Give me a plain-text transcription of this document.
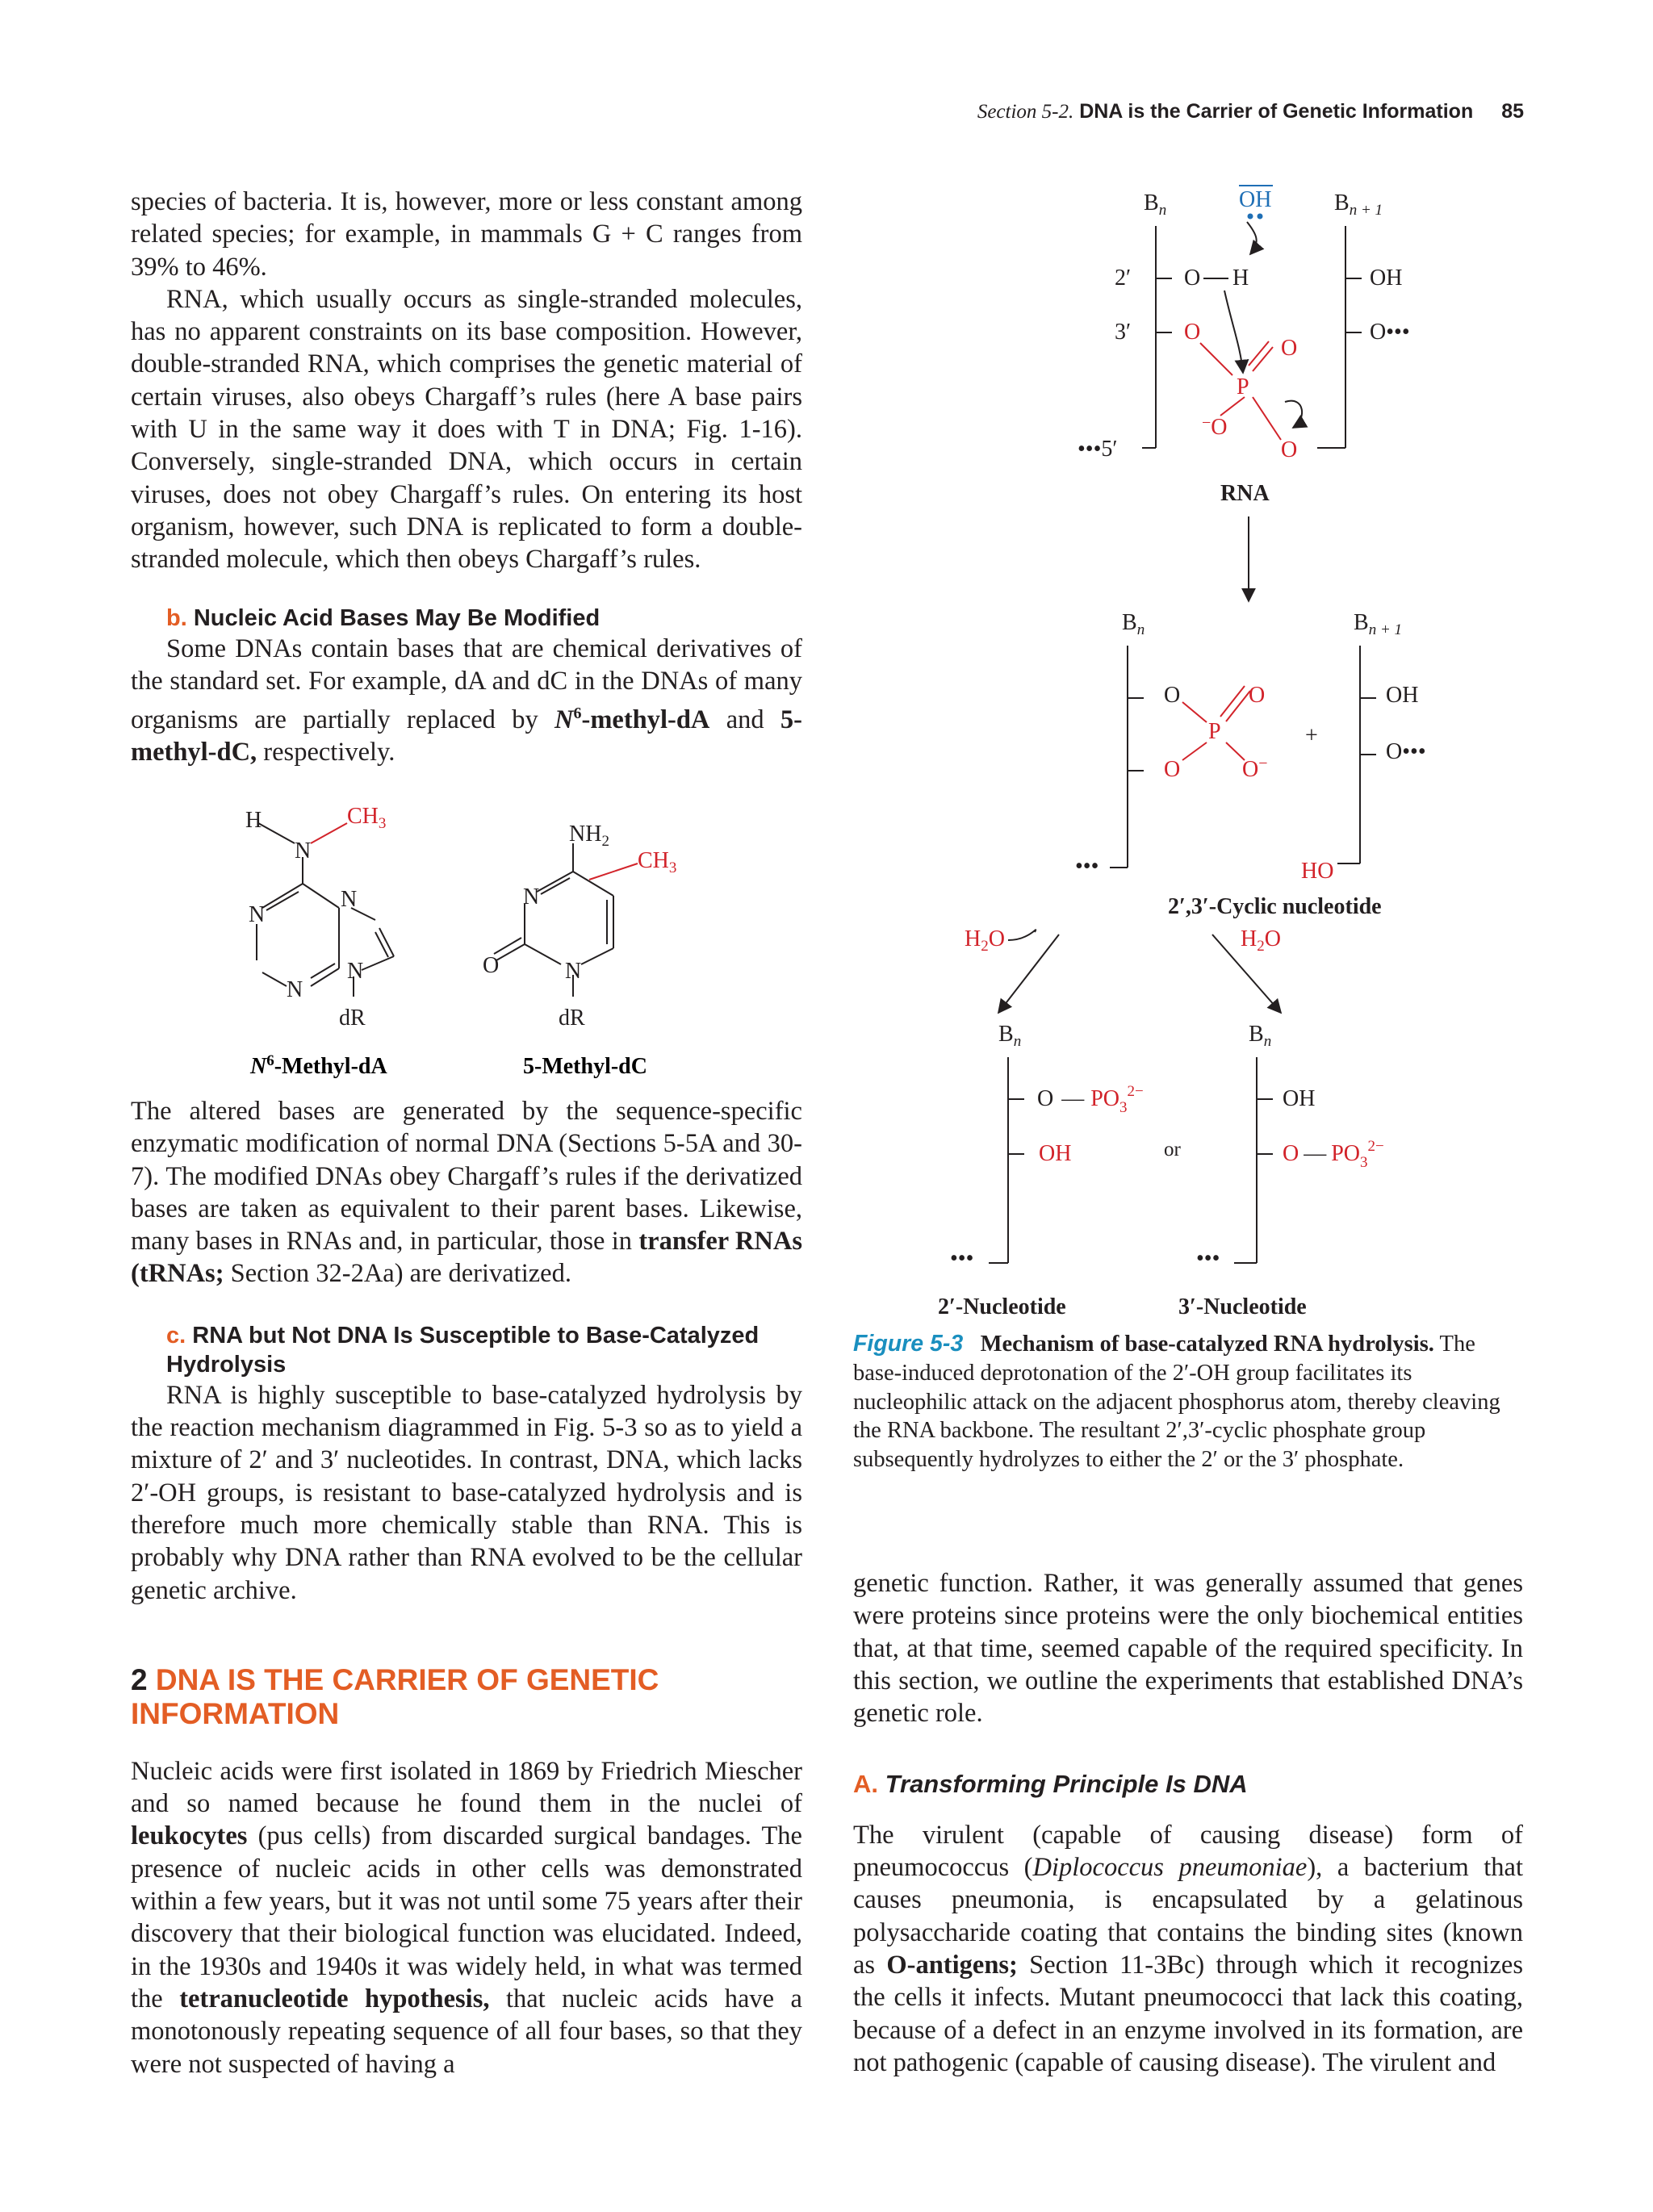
Section 5-2. DNA is the Carrier of Genetic Information 85

species of bacteria. It is, however, more or less constant among related species; for example, in mammals G + C ranges from 39% to 46%.

RNA, which usually occurs as single-stranded molecules, has no apparent constraints on its base composition. However, double-stranded RNA, which comprises the genetic material of certain viruses, also obeys Chargaff’s rules (here A base pairs with U in the same way it does with T in DNA; Fig. 1-16). Conversely, single-stranded DNA, which occurs in certain viruses, does not obey Chargaff’s rules. On entering its host organism, however, such DNA is replicated to form a double-stranded molecule, which then obeys Chargaff’s rules.

b. Nucleic Acid Bases May Be Modified

Some DNAs contain bases that are chemical derivatives of the standard set. For example, dA and dC in the DNAs of many organisms are partially replaced by $N^6-methyl-dA$ and 5-methyl-dC, respectively.

H	$CH_3$
N
N
N
N
N
dR
$NH_2$
$CH_3$
N
O	N
dR
$N^6-Methyl-dA$	5-Methyl-dC

The altered bases are generated by the sequence-specific enzymatic modification of normal DNA (Sections 5-5A and 30-7). The modified DNAs obey Chargaff’s rules if the derivatized bases are taken as equivalent to their parent bases. Likewise, many bases in RNAs and, in particular, those in transfer RNAs (tRNAs; Section 32-2Aa) are derivatized.

c. RNA but Not DNA Is Susceptible to Base-Catalyzed Hydrolysis

RNA is highly susceptible to base-catalyzed hydrolysis by the reaction mechanism diagrammed in Fig. 5-3 so as to yield a mixture of 2′ and 3′ nucleotides. In contrast, DNA, which lacks 2′-OH groups, is resistant to base-catalyzed hydrolysis and is therefore much more chemically stable than RNA. This is probably why DNA rather than RNA evolved to be the cellular genetic archive.

2 DNA IS THE CARRIER OF GENETIC INFORMATION

Nucleic acids were first isolated in 1869 by Friedrich Miescher and so named because he found them in the nuclei of leukocytes (pus cells) from discarded surgical bandages. The presence of nucleic acids in other cells was demonstrated within a few years, but it was not until some 75 years after their discovery that their biological function was elucidated. Indeed, in the 1930s and 1940s it was widely held, in what was termed the tetranucleotide hypothesis, that nucleic acids have a monotonously repeating sequence of all four bases, so that they were not suspected of having a

$B_n$	OH	$B_{n + 1}$
2′
3′
•••5′
O H
O
O
P
−O
O
OH
O•••
RNA
$B_n$	$B_{n + 1}$
O	O
P
O	O−
+
OH
O•••
•••	HO
2′,3′-Cyclic nucleotide
$H_2O$	$H_2O$
$B_n$	$B_n$
O — $PO_3^{2-}$
OH	or
OH
O — $PO_3^{2-}$
•••	•••
2′-Nucleotide	3′-Nucleotide
Figure 5-3 Mechanism of base-catalyzed RNA hydrolysis. The base-induced deprotonation of the 2′-OH group facilitates its nucleophilic attack on the adjacent phosphorus atom, thereby cleaving the RNA backbone. The resultant 2′,3′-cyclic phosphate group subsequently hydrolyzes to either the 2′ or the 3′ phosphate.

genetic function. Rather, it was generally assumed that genes were proteins since proteins were the only biochemical entities that, at that time, seemed capable of the required specificity. In this section, we outline the experiments that established DNA’s genetic role.

A. Transforming Principle Is DNA

The virulent (capable of causing disease) form of pneumococcus (Diplococcus pneumoniae), a bacterium that causes pneumonia, is encapsulated by a gelatinous polysaccharide coating that contains the binding sites (known as O-antigens; Section 11-3Bc) through which it recognizes the cells it infects. Mutant pneumococci that lack this coating, because of a defect in an enzyme involved in its formation, are not pathogenic (capable of causing disease). The virulent and
